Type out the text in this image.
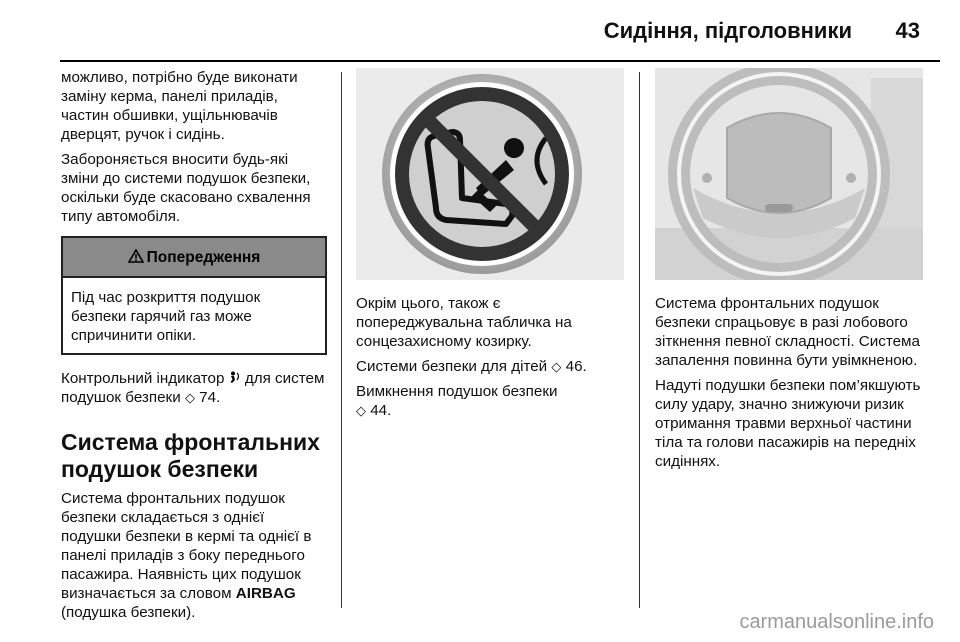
Сидіння, підголовники 43

можливо, потрібно буде виконати заміну керма, панелі приладів, частин обшивки, ущільнювачів дверцят, ручок і сидінь.

Забороняється вносити будь-які зміни до системи подушок безпеки, оскільки буде скасовано схвалення типу автомобіля.

Попередження
Під час розкриття подушок безпеки гарячий газ може спричинити опіки.

Контрольний індикатор для систем подушок безпеки ◇ 74.

Система фронтальних подушок безпеки

Система фронтальних подушок безпеки складається з однієї подушки безпеки в кермі та однієї в панелі приладів з боку переднього пасажира. Наявність цих подушок визначається за словом AIRBAG (подушка безпеки).

Окрім цього, також є попереджувальна табличка на сонцезахисному козирку.

Системи безпеки для дітей ◇ 46.

Вимкнення подушок безпеки
◇ 44.

Система фронтальних подушок безпеки спрацьовує в разі лобового зіткнення певної складності. Система запалення повинна бути увімкненою.

Надуті подушки безпеки пом’якшують силу удару, значно знижуючи ризик отримання травми верхньої частини тіла та голови пасажирів на передніх сидіннях.

carmanualsonline.info
